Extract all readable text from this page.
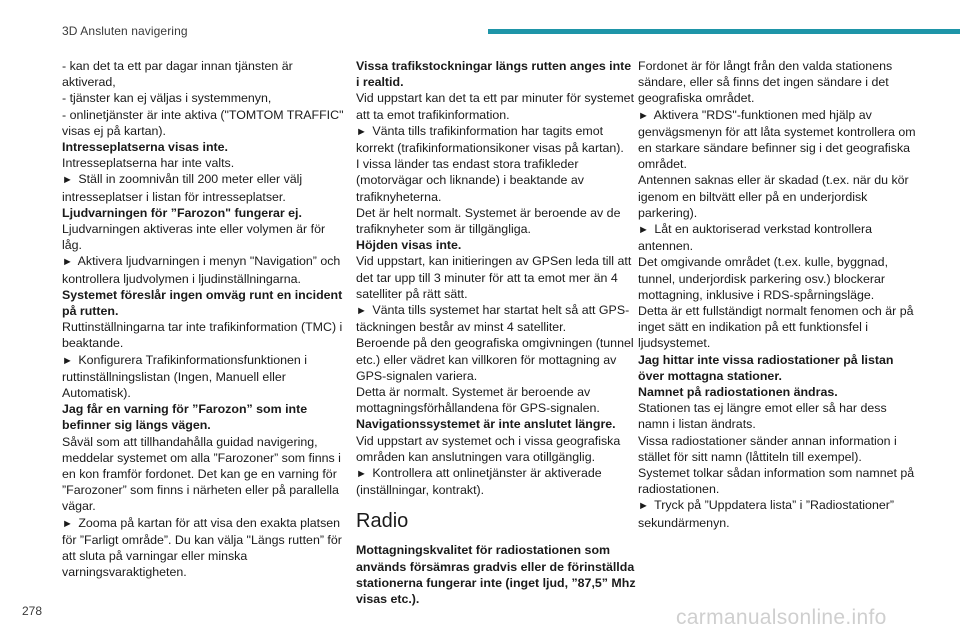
3D Ansluten navigering

- kan det ta ett par dagar innan tjänsten är aktiverad,

- tjänster kan ej väljas i systemmenyn,

- onlinetjänster är inte aktiva ("TOMTOM TRAFFIC" visas ej på kartan).

Intresseplatserna visas inte.

Intresseplatserna har inte valts.

► Ställ in zoomnivån till 200 meter eller välj intresseplatser i listan för intresseplatser.

Ljudvarningen för ”Farozon" fungerar ej.

Ljudvarningen aktiveras inte eller volymen är för låg.

► Aktivera ljudvarningen i menyn "Navigation” och kontrollera ljudvolymen i ljudinställningarna.

Systemet föreslår ingen omväg runt en incident på rutten.

Ruttinställningarna tar inte trafikinformation (TMC) i beaktande.

► Konfigurera Trafikinformationsfunktionen i ruttinställningslistan (Ingen, Manuell eller Automatisk).

Jag får en varning för ”Farozon” som inte befinner sig längs vägen.

Såväl som att tillhandahålla guidad navigering, meddelar systemet om alla ”Farozoner” som finns i en kon framför fordonet. Det kan ge en varning för ”Farozoner” som finns i närheten eller på parallella vägar.

► Zooma på kartan för att visa den exakta platsen för ”Farligt område”. Du kan välja "Längs rutten” för att sluta på varningar eller minska varningsvaraktigheten.

Vissa trafikstockningar längs rutten anges inte i realtid.

Vid uppstart kan det ta ett par minuter för systemet att ta emot trafikinformation.

► Vänta tills trafikinformation har tagits emot korrekt (trafikinformationsikoner visas på kartan).

I vissa länder tas endast stora trafikleder (motorvägar och liknande) i beaktande av trafiknyheterna.

Det är helt normalt. Systemet är beroende av de trafiknyheter som är tillgängliga.

Höjden visas inte.

Vid uppstart, kan initieringen av GPSen leda till att det tar upp till 3 minuter för att ta emot mer än 4 satelliter på rätt sätt.

► Vänta tills systemet har startat helt så att GPS-täckningen består av minst 4 satelliter.

Beroende på den geografiska omgivningen (tunnel etc.) eller vädret kan villkoren för mottagning av GPS-signalen variera.

Detta är normalt. Systemet är beroende av mottagningsförhållandena för GPS-signalen.

Navigationssystemet är inte anslutet längre.

Vid uppstart av systemet och i vissa geografiska områden kan anslutningen vara otillgänglig.

► Kontrollera att onlinetjänster är aktiverade (inställningar, kontrakt).

Radio

Mottagningskvalitet för radiostationen som används försämras gradvis eller de förinställda stationerna fungerar inte (inget ljud, ”87,5” Mhz visas etc.).

Fordonet är för långt från den valda stationens sändare, eller så finns det ingen sändare i det geografiska området.

► Aktivera "RDS"-funktionen med hjälp av genvägsmenyn för att låta systemet kontrollera om en starkare sändare befinner sig i det geografiska området.

Antennen saknas eller är skadad (t.ex. när du kör igenom en biltvätt eller på en underjordisk parkering).

► Låt en auktoriserad verkstad kontrollera antennen.

Det omgivande området (t.ex. kulle, byggnad, tunnel, underjordisk parkering osv.) blockerar mottagning, inklusive i RDS-spårningsläge.

Detta är ett fullständigt normalt fenomen och är på inget sätt en indikation på ett funktionsfel i ljudsystemet.

Jag hittar inte vissa radiostationer på listan över mottagna stationer.

Namnet på radiostationen ändras.

Stationen tas ej längre emot eller så har dess namn i listan ändrats.

Vissa radiostationer sänder annan information i stället för sitt namn (låttiteln till exempel).

Systemet tolkar sådan information som namnet på radiostationen.

► Tryck på ”Uppdatera lista” i ”Radiostationer” sekundärmenyn.

278	carmanualsonline.info
